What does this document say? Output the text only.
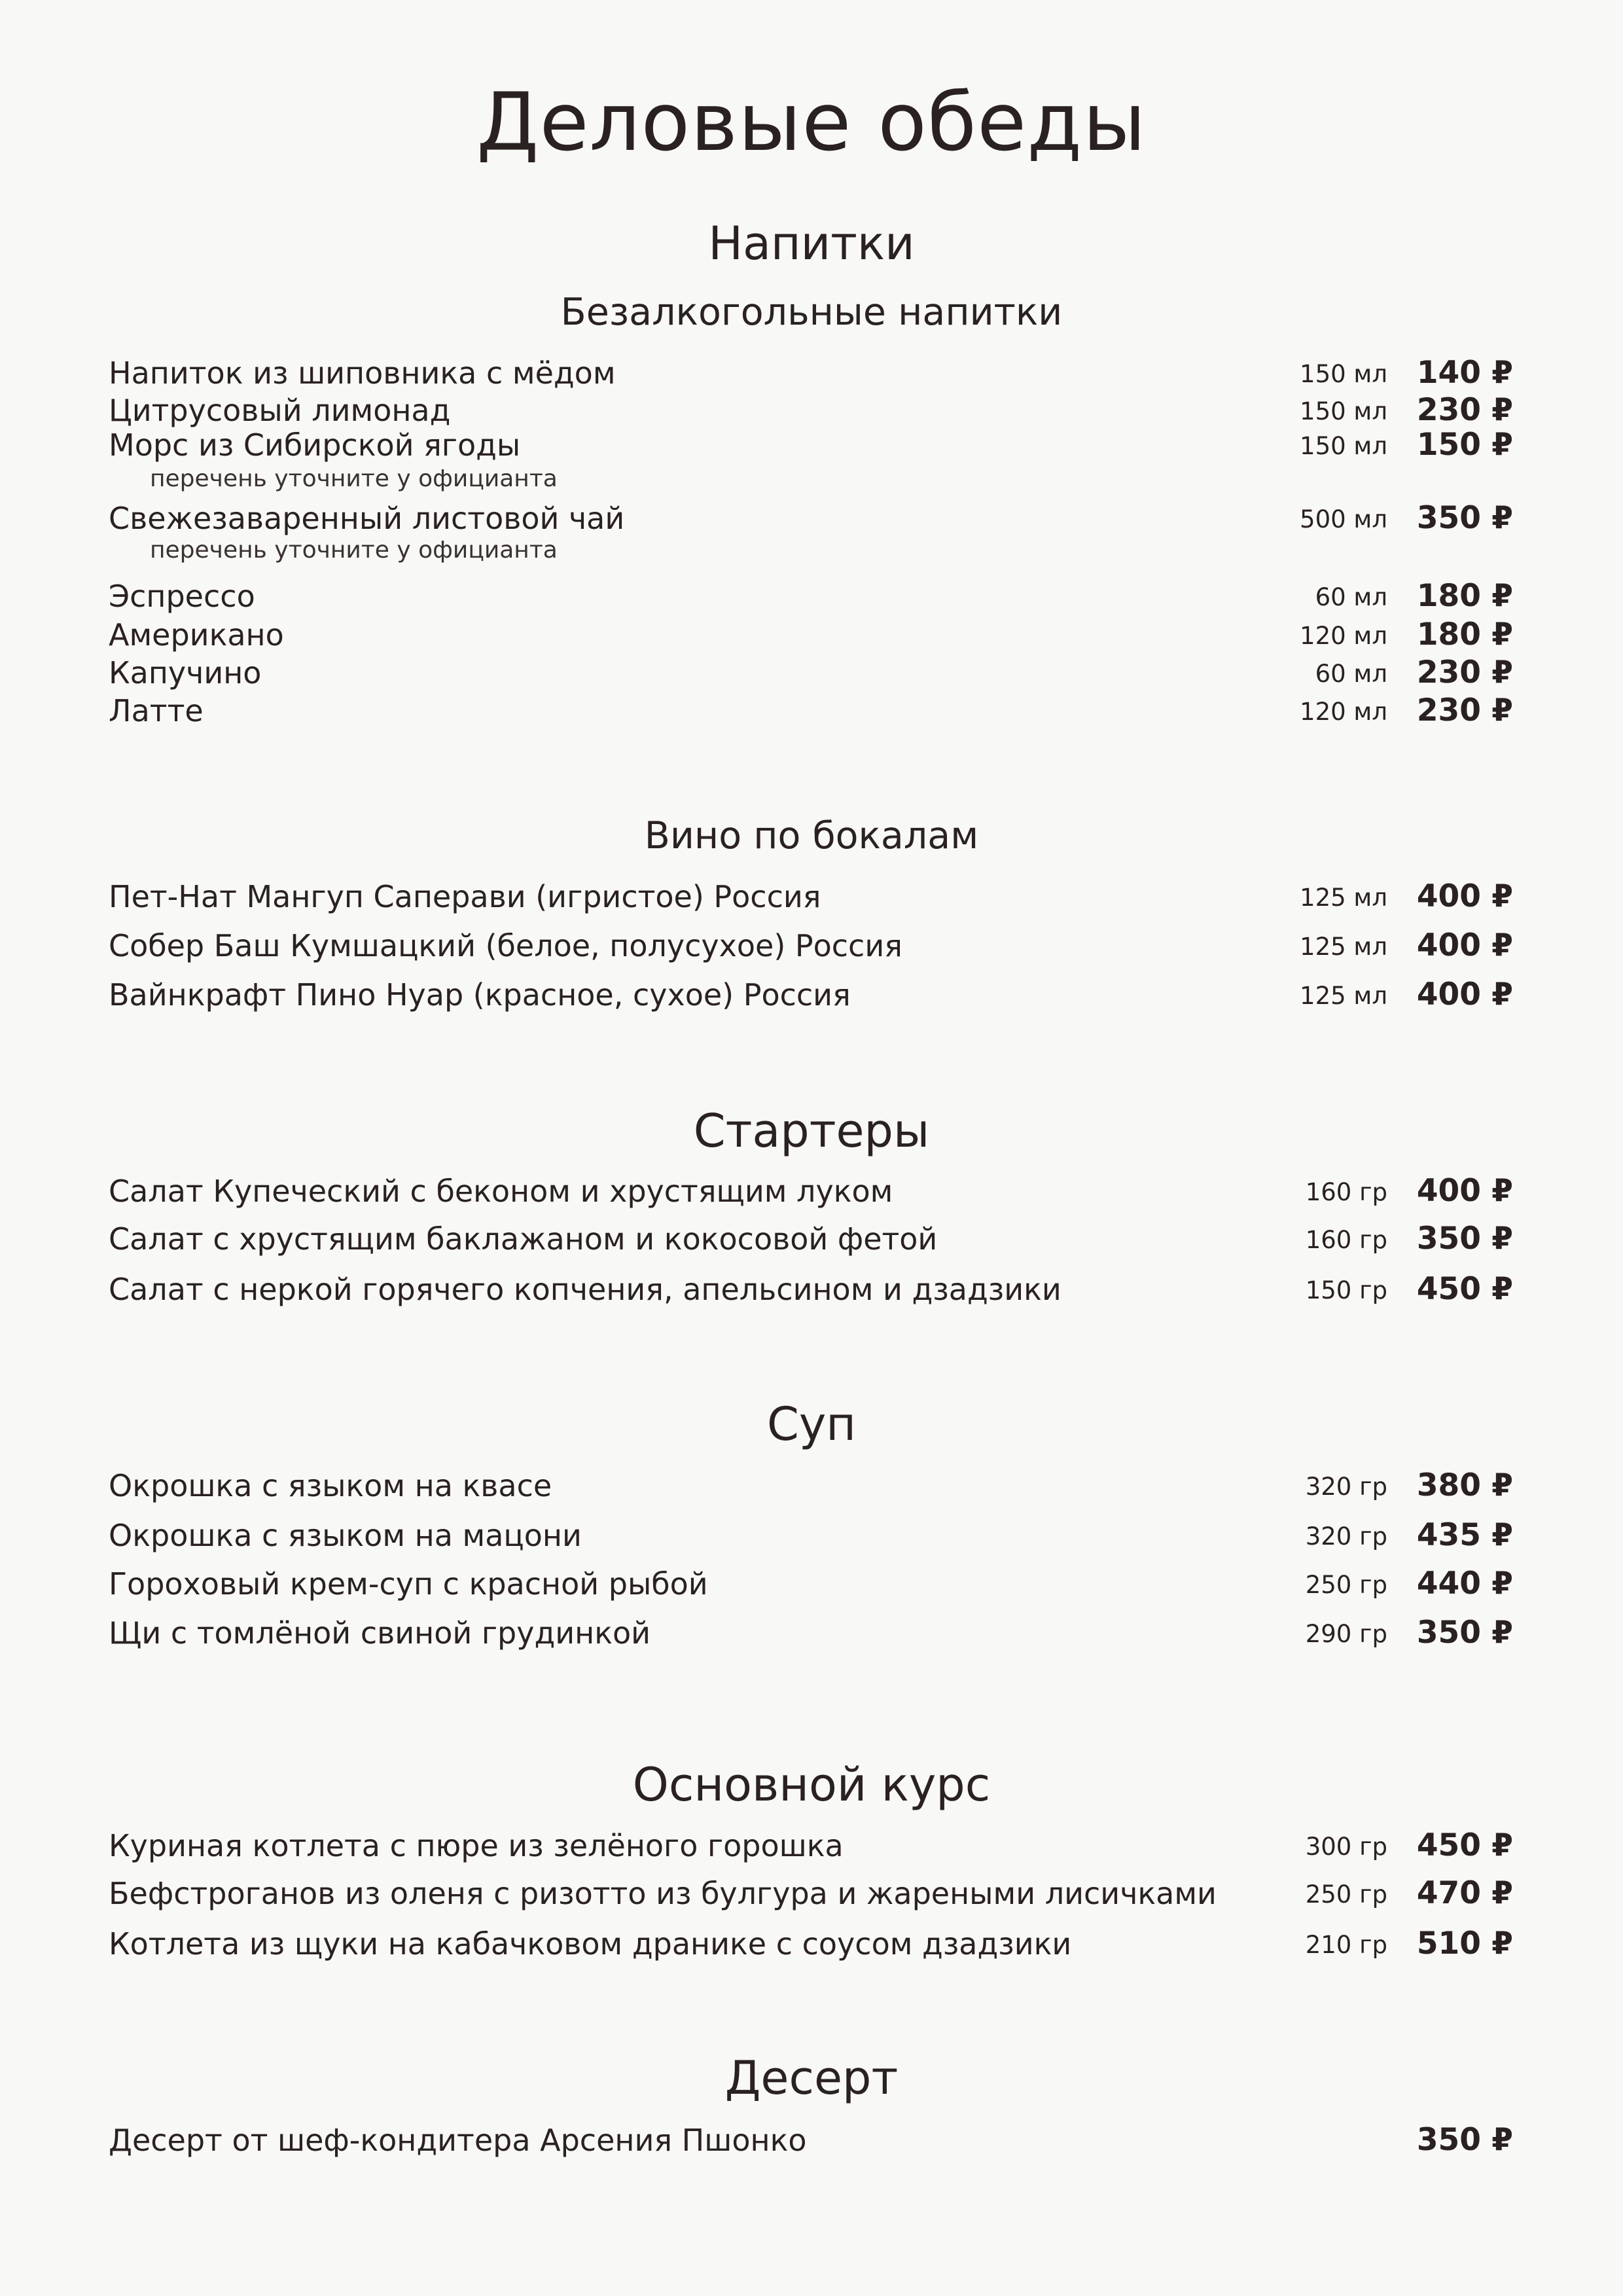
Деловые обеды
Напитки
Безалкогольные напитки
Напиток из шиповника с мёдом	150 мл 140 ₽
Цитрусовый лимонад	150 мл 230 ₽
Морс из Сибирской ягоды	150 мл 150 ₽
перечень уточните у официанта
Свежезаваренный листовой чай	500 мл 350 ₽
перечень уточните у официанта
Эспрессо	60 мл 180 ₽
Американо	120 мл 180 ₽
Капучино	60 мл 230 ₽
Латте	120 мл 230 ₽
Вино по бокалам
Пет-Нат Мангуп Саперави (игристое) Россия	125 мл 400 ₽
Собер Баш Кумшацкий (белое, полусухое) Россия	125 мл 400 ₽
Вайнкрафт Пино Нуар (красное, сухое) Россия	125 мл 400 ₽
Стартеры
Салат Купеческий с беконом и хрустящим луком	160 гр 400 ₽
Салат с хрустящим баклажаном и кокосовой фетой	160 гр 350 ₽
Салат с неркой горячего копчения, апельсином и дзадзики	150 гр 450 ₽
Суп
Окрошка с языком на квасе	320 гр 380 ₽
Окрошка с языком на мацони	320 гр 435 ₽
Гороховый крем-суп с красной рыбой	250 гр 440 ₽
Щи с томлёной свиной грудинкой	290 гр 350 ₽
Основной курс
Куриная котлета с пюре из зелёного горошка	300 гр 450 ₽
Бефстроганов из оленя с ризотто из булгура и жареными лисичками	250 гр 470 ₽
Котлета из щуки на кабачковом дранике с соусом дзадзики	210 гр 510 ₽
Десерт
Десерт от шеф-кондитера Арсения Пшонко	350 ₽
